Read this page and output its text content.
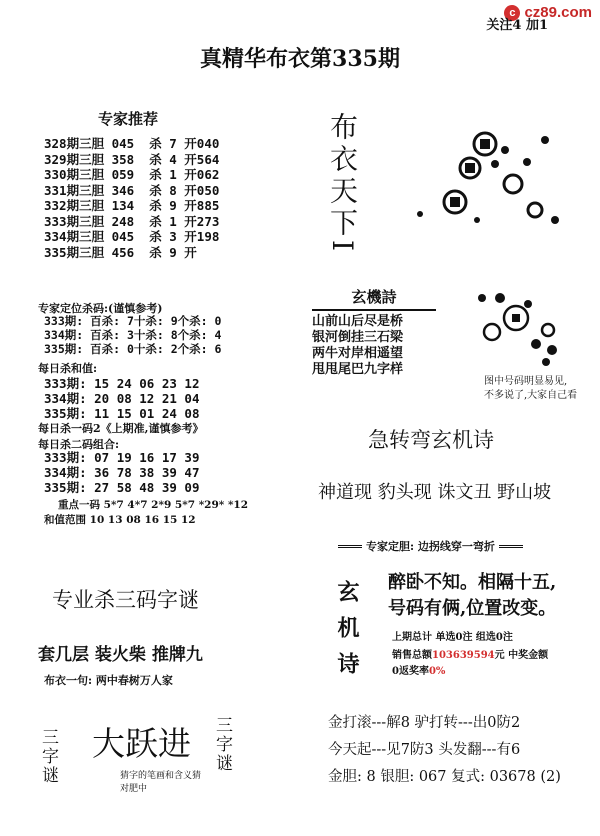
c cz89.com
关注4 加1
真精华布衣第335期
专家推荐
328期三胆 045  杀 7 开040
329期三胆 358  杀 4 开564
330期三胆 059  杀 1 开062
331期三胆 346  杀 8 开050
332期三胆 134  杀 9 开885
333期三胆 248  杀 1 开273
334期三胆 045  杀 3 开198
335期三胆 456  杀 9 开
专家定位杀码:(谨慎参考)
333期: 百杀: 7十杀: 9个杀: 0
334期: 百杀: 3十杀: 8个杀: 4
335期: 百杀: 0十杀: 2个杀: 6
每日杀和值:
333期: 15 24 06 23 12
334期: 20 08 12 21 04
335期: 11 15 01 24 08
每日杀一码2《上期准,谨慎参考》
每日杀二码组合:
333期: 07 19 16 17 39
334期: 36 78 38 39 47
335期: 27 58 48 39 09
重点一码 5*7 4*7 2*9 5*7 *29* *12
和值范围 10 13 08 16 15 12
专业杀三码字谜
套几层 装火柴 推牌九
布衣一句: 两中春树万人家
三字谜 大跃进
猜字的笔画和含义猜
对肥中
三字谜
布衣天下I
玄機詩
山前山后尽是桥
银河倒挂三石梁
两牛对岸相遥望
甩甩尾巴九字样
图中号码明显易见,
不多说了,大家自己看
急转弯玄机诗
神道现 豹头现 诛文丑 野山坡
专家定胆: 边拐线穿一弯折
玄机诗 醉卧不知。相隔十五,
号码有俩,位置改变。
上期总计 单选0注 组选0注
销售总额103639594元 中奖金额
0返奖率0%
金打滚---解8 驴打转---出0防2
今天起---见7防3 头发翻---有6
金胆: 8 银胆: 067 复式: 03678 (2)
